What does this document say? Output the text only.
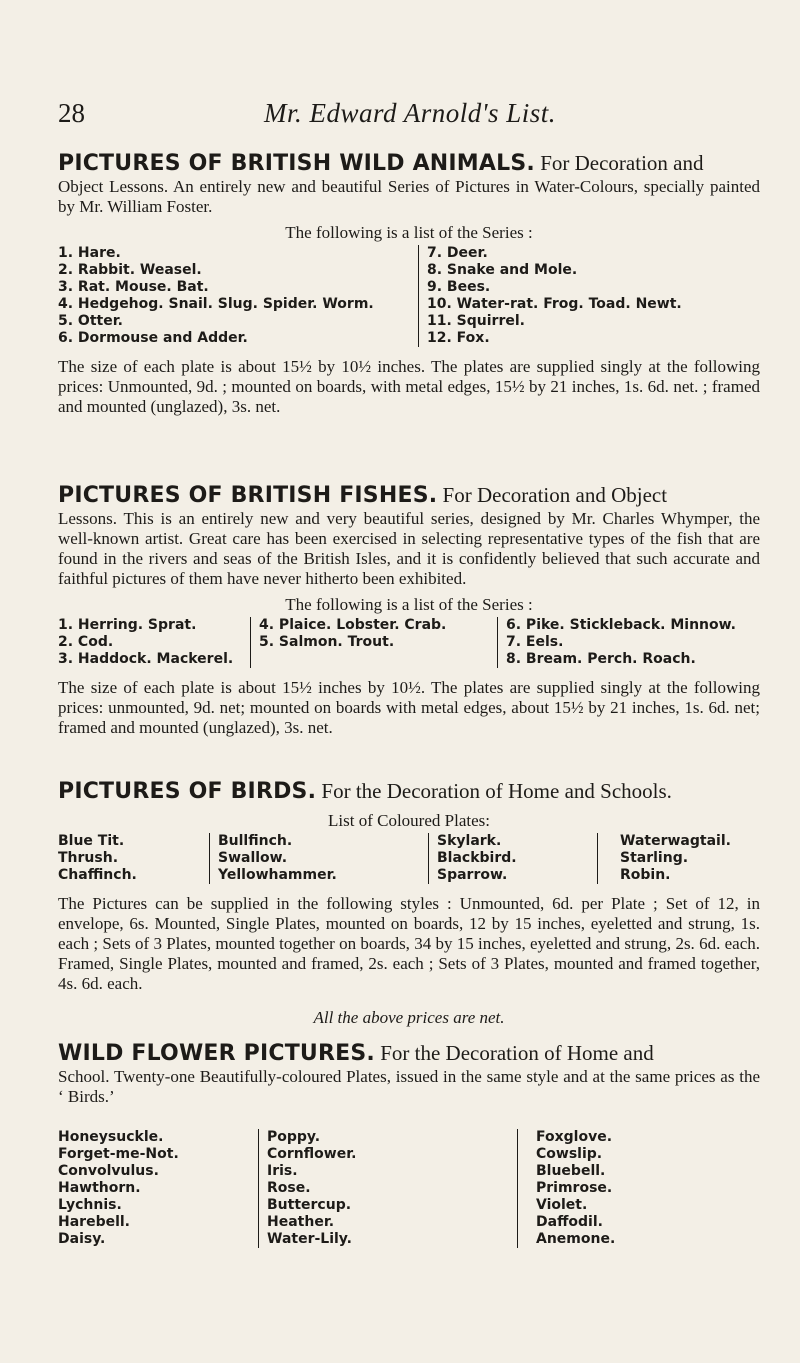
28	Mr. Edward Arnold's List.

PICTURES OF BRITISH WILD ANIMALS. For Decoration and

Object Lessons. An entirely new and beautiful Series of Pictures in Water-Colours, specially painted by Mr. William Foster.

The following is a list of the Series :

1. Hare.
2. Rabbit. Weasel.
3. Rat. Mouse. Bat.
4. Hedgehog. Snail. Slug. Spider. Worm.
5. Otter.
6. Dormouse and Adder.
7. Deer.
8. Snake and Mole.
9. Bees.
10. Water-rat. Frog. Toad. Newt.
11. Squirrel.
12. Fox.

The size of each plate is about 15½ by 10½ inches. The plates are supplied singly at the following prices: Unmounted, 9d. ; mounted on boards, with metal edges, 15½ by 21 inches, 1s. 6d. net. ; framed and mounted (unglazed), 3s. net.

PICTURES OF BRITISH FISHES. For Decoration and Object

Lessons. This is an entirely new and very beautiful series, designed by Mr. Charles Whymper, the well-known artist. Great care has been exercised in selecting representative types of the fish that are found in the rivers and seas of the British Isles, and it is confidently believed that such accurate and faithful pictures of them have never hitherto been exhibited.

The following is a list of the Series :

1. Herring. Sprat.
2. Cod.
3. Haddock. Mackerel.
4. Plaice. Lobster. Crab.
5. Salmon. Trout.
6. Pike. Stickleback. Minnow.
7. Eels.
8. Bream. Perch. Roach.

The size of each plate is about 15½ inches by 10½. The plates are supplied singly at the following prices: unmounted, 9d. net; mounted on boards with metal edges, about 15½ by 21 inches, 1s. 6d. net; framed and mounted (unglazed), 3s. net.

PICTURES OF BIRDS. For the Decoration of Home and Schools.

List of Coloured Plates:

Blue Tit.
Thrush.
Chaffinch.
Bullfinch.
Swallow.
Yellowhammer.
Skylark.
Blackbird.
Sparrow.
Waterwagtail.
Starling.
Robin.

The Pictures can be supplied in the following styles : Unmounted, 6d. per Plate ; Set of 12, in envelope, 6s. Mounted, Single Plates, mounted on boards, 12 by 15 inches, eyeletted and strung, 1s. each ; Sets of 3 Plates, mounted together on boards, 34 by 15 inches, eyeletted and strung, 2s. 6d. each. Framed, Single Plates, mounted and framed, 2s. each ; Sets of 3 Plates, mounted and framed together, 4s. 6d. each.

All the above prices are net.

WILD FLOWER PICTURES. For the Decoration of Home and

School. Twenty-one Beautifully-coloured Plates, issued in the same style and at the same prices as the ‘ Birds.’

Honeysuckle.
Forget-me-Not.
Convolvulus.
Hawthorn.
Lychnis.
Harebell.
Daisy.
Poppy.
Cornflower.
Iris.
Rose.
Buttercup.
Heather.
Water-Lily.
Foxglove.
Cowslip.
Bluebell.
Primrose.
Violet.
Daffodil.
Anemone.
